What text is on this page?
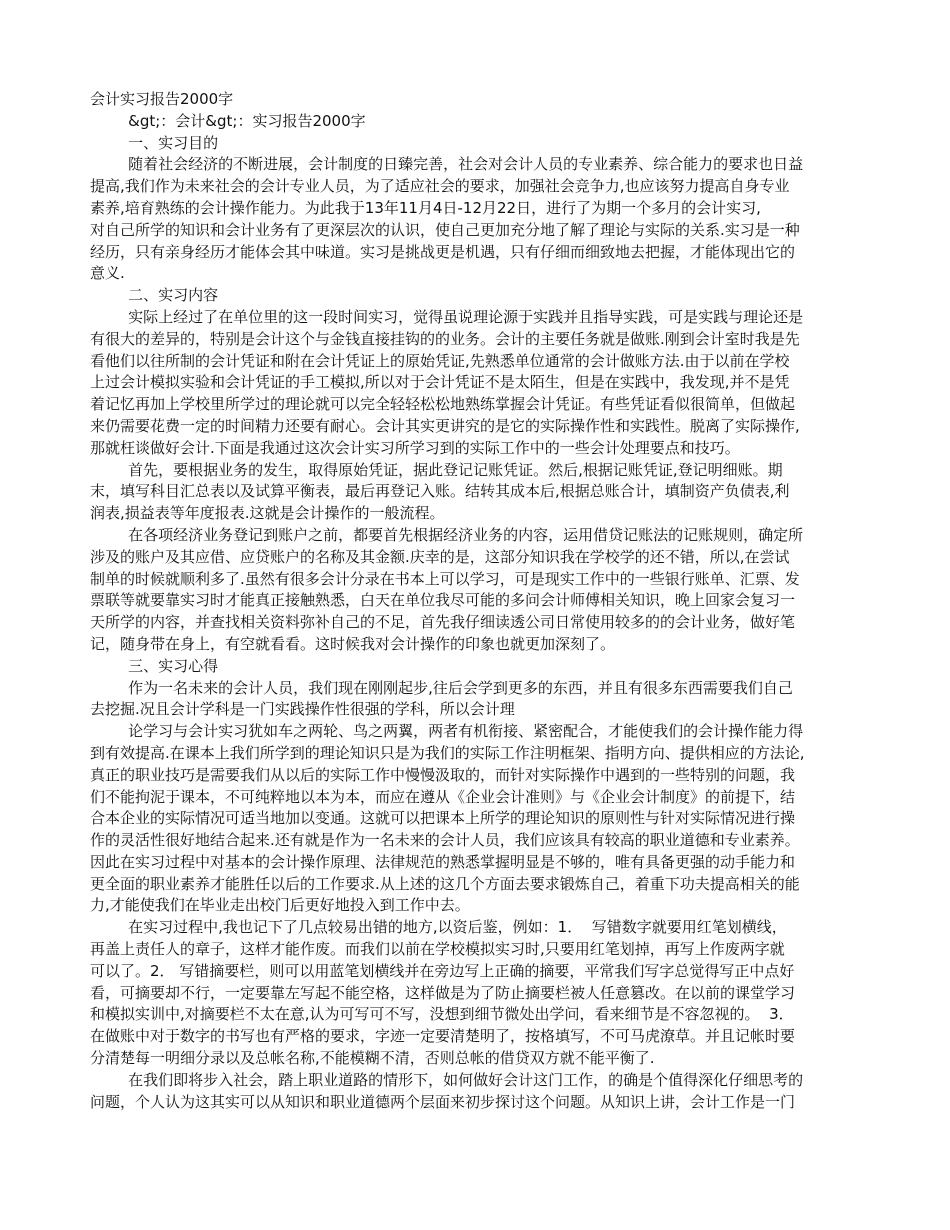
会计实习报告2000字
&gt;：会计&gt;：实习报告2000字
一、实习目的
随着社会经济的不断进展，会计制度的日臻完善，社会对会计人员的专业素养、综合能力的要求也日益
提高,我们作为未来社会的会计专业人员，为了适应社会的要求，加强社会竞争力,也应该努力提高自身专业
素养,培育熟练的会计操作能力。为此我于13年11月4日-12月22日，进行了为期一个多月的会计实习,
对自己所学的知识和会计业务有了更深层次的认识，使自己更加充分地了解了理论与实际的关系.实习是一种
经历，只有亲身经历才能体会其中味道。实习是挑战更是机遇，只有仔细而细致地去把握，才能体现出它的
意义.
二、实习内容
实际上经过了在单位里的这一段时间实习，觉得虽说理论源于实践并且指导实践，可是实践与理论还是
有很大的差异的，特别是会计这个与金钱直接挂钩的的业务。会计的主要任务就是做账.刚到会计室时我是先
看他们以往所制的会计凭证和附在会计凭证上的原始凭证,先熟悉单位通常的会计做账方法.由于以前在学校
上过会计模拟实验和会计凭证的手工模拟,所以对于会计凭证不是太陌生，但是在实践中，我发现,并不是凭
着记忆再加上学校里所学过的理论就可以完全轻轻松松地熟练掌握会计凭证。有些凭证看似很简单，但做起
来仍需要花费一定的时间精力还要有耐心。会计其实更讲究的是它的实际操作性和实践性。脱离了实际操作,
那就枉谈做好会计.下面是我通过这次会计实习所学习到的实际工作中的一些会计处理要点和技巧。
首先，要根据业务的发生，取得原始凭证，据此登记记账凭证。然后,根据记账凭证,登记明细账。期
末，填写科目汇总表以及试算平衡表，最后再登记入账。结转其成本后,根据总账合计，填制资产负债表,利
润表,损益表等年度报表.这就是会计操作的一般流程。
在各项经济业务登记到账户之前，都要首先根据经济业务的内容，运用借贷记账法的记账规则，确定所
涉及的账户及其应借、应贷账户的名称及其金额.庆幸的是，这部分知识我在学校学的还不错，所以,在尝试
制单的时候就顺利多了.虽然有很多会计分录在书本上可以学习，可是现实工作中的一些银行账单、汇票、发
票联等就要靠实习时才能真正接触熟悉，白天在单位我尽可能的多问会计师傅相关知识，晚上回家会复习一
天所学的内容，并查找相关资料弥补自己的不足，首先我仔细读透公司日常使用较多的的会计业务，做好笔
记，随身带在身上，有空就看看。这时候我对会计操作的印象也就更加深刻了。
三、实习心得
作为一名未来的会计人员，我们现在刚刚起步,往后会学到更多的东西，并且有很多东西需要我们自己
去挖掘.况且会计学科是一门实践操作性很强的学科，所以会计理
论学习与会计实习犹如车之两轮、鸟之两翼，两者有机衔接、紧密配合，才能使我们的会计操作能力得
到有效提高.在课本上我们所学到的理论知识只是为我们的实际工作注明框架、指明方向、提供相应的方法论,
真正的职业技巧是需要我们从以后的实际工作中慢慢汲取的，而针对实际操作中遇到的一些特别的问题，我
们不能拘泥于课本，不可纯粹地以本为本，而应在遵从《企业会计准则》与《企业会计制度》的前提下，结
合本企业的实际情况可适当地加以变通。这就可以把课本上所学的理论知识的原则性与针对实际情况进行操
作的灵活性很好地结合起来.还有就是作为一名未来的会计人员，我们应该具有较高的职业道德和专业素养。
因此在实习过程中对基本的会计操作原理、法律规范的熟悉掌握明显是不够的，唯有具备更强的动手能力和
更全面的职业素养才能胜任以后的工作要求.从上述的这几个方面去要求锻炼自己，着重下功夫提高相关的能
力,才能使我们在毕业走出校门后更好地投入到工作中去。
在实习过程中,我也记下了几点较易出错的地方,以资后鉴，例如：1．  写错数字就要用红笔划横线，
再盖上责任人的章子，这样才能作废。而我们以前在学校模拟实习时,只要用红笔划掉，再写上作废两字就
可以了。2． 写错摘要栏，则可以用蓝笔划横线并在旁边写上正确的摘要，平常我们写字总觉得写正中点好
看，可摘要却不行，一定要靠左写起不能空格，这样做是为了防止摘要栏被人任意篡改。在以前的课堂学习
和模拟实训中,对摘要栏不太在意,认为可写可不写，没想到细节微处出学问，看来细节是不容忽视的。  3．
在做账中对于数字的书写也有严格的要求，字迹一定要清楚明了，按格填写，不可马虎潦草。并且记帐时要
分清楚每一明细分录以及总帐名称,不能模糊不清，否则总帐的借贷双方就不能平衡了.
在我们即将步入社会，踏上职业道路的情形下，如何做好会计这门工作，的确是个值得深化仔细思考的
问题，个人认为这其实可以从知识和职业道德两个层面来初步探讨这个问题。从知识上讲，会计工作是一门
